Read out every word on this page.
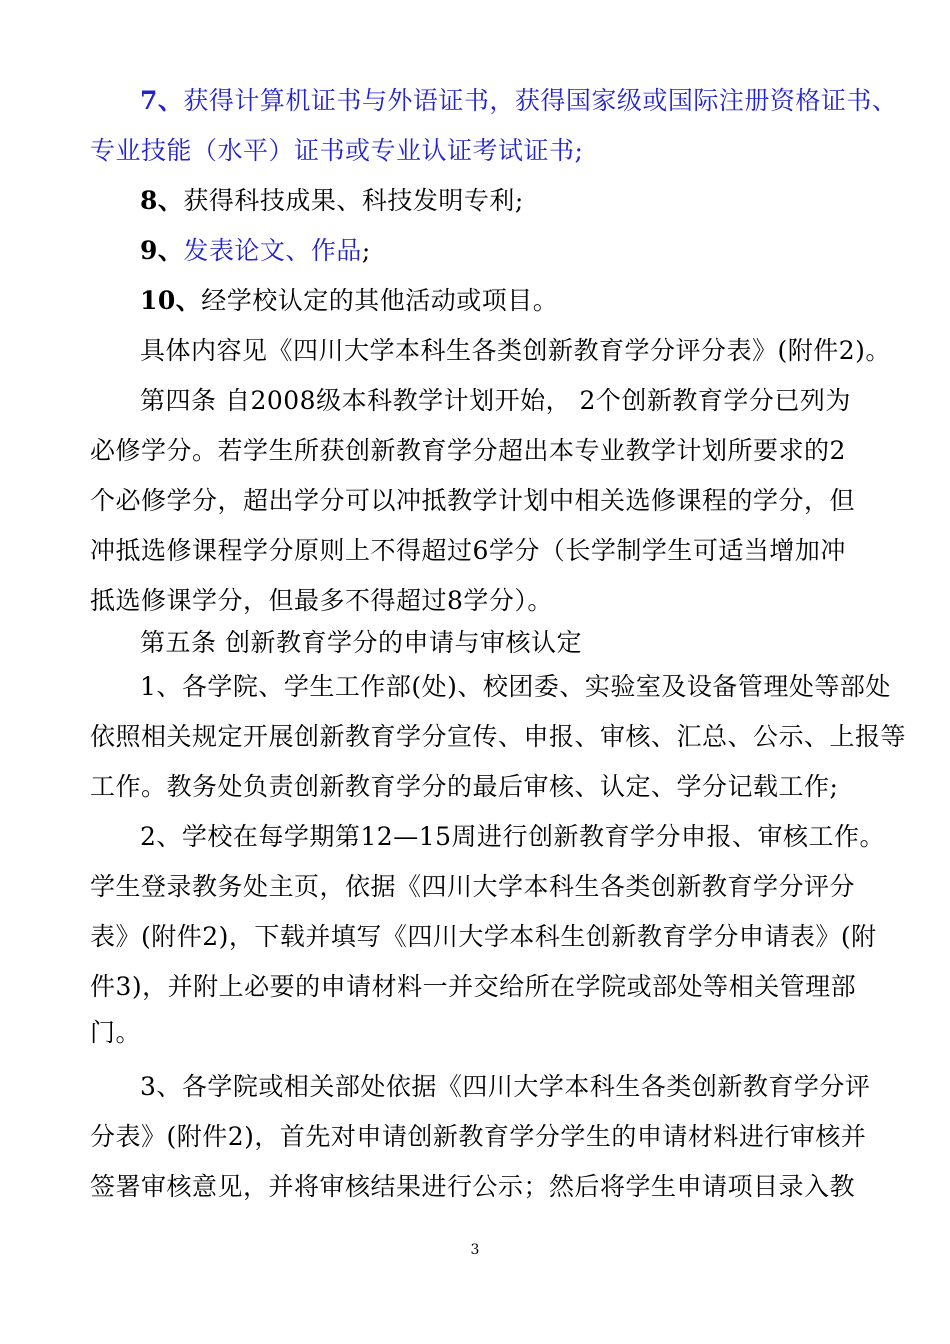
7、获得计算机证书与外语证书，获得国家级或国际注册资格证书、
专业技能（水平）证书或专业认证考试证书;
8、获得科技成果、科技发明专利;
9、发表论文、作品;
10、经学校认定的其他活动或项目。
具体内容见《四川大学本科生各类创新教育学分评分表》(附件2)。
第四条 自2008级本科教学计划开始， 2个创新教育学分已列为
必修学分。若学生所获创新教育学分超出本专业教学计划所要求的2
个必修学分，超出学分可以冲抵教学计划中相关选修课程的学分，但
冲抵选修课程学分原则上不得超过6学分（长学制学生可适当增加冲
抵选修课学分，但最多不得超过8学分）。
第五条 创新教育学分的申请与审核认定
1、各学院、学生工作部(处)、校团委、实验室及设备管理处等部处
依照相关规定开展创新教育学分宣传、申报、审核、汇总、公示、上报等
工作。教务处负责创新教育学分的最后审核、认定、学分记载工作;
2、学校在每学期第12—15周进行创新教育学分申报、审核工作。
学生登录教务处主页，依据《四川大学本科生各类创新教育学分评分
表》(附件2)，下载并填写《四川大学本科生创新教育学分申请表》(附
件3)，并附上必要的申请材料一并交给所在学院或部处等相关管理部
门。
3、各学院或相关部处依据《四川大学本科生各类创新教育学分评
分表》(附件2)，首先对申请创新教育学分学生的申请材料进行审核并
签署审核意见，并将审核结果进行公示；然后将学生申请项目录入教
3
